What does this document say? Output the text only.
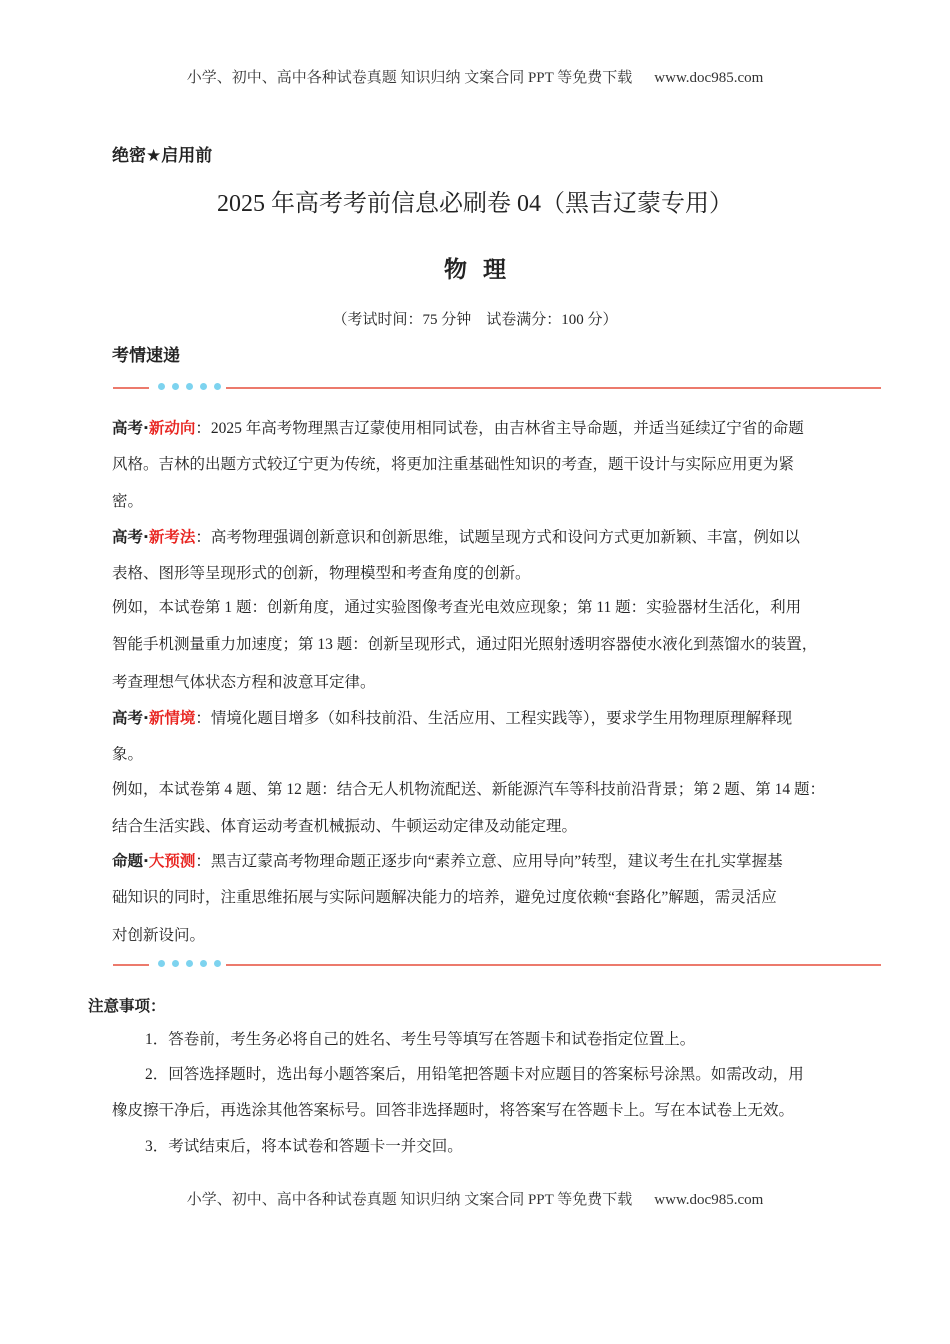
小学、初中、高中各种试卷真题 知识归纳 文案合同 PPT 等免费下载 www.doc985.com
绝密★启用前
2025 年高考考前信息必刷卷 04（黑吉辽蒙专用）
物  理
（考试时间：75 分钟    试卷满分：100 分）
考情速递
高考·新动向：2025 年高考物理黑吉辽蒙使用相同试卷，由吉林省主导命题，并适当延续辽宁省的命题
风格。吉林的出题方式较辽宁更为传统，将更加注重基础性知识的考查，题干设计与实际应用更为紧
密。
高考·新考法：高考物理强调创新意识和创新思维，试题呈现方式和设问方式更加新颖、丰富，例如以
表格、图形等呈现形式的创新，物理模型和考查角度的创新。
例如，本试卷第 1 题：创新角度，通过实验图像考查光电效应现象；第 11 题：实验器材生活化，利用
智能手机测量重力加速度；第 13 题：创新呈现形式，通过阳光照射透明容器使水液化到蒸馏水的装置，
考查理想气体状态方程和波意耳定律。
高考·新情境：情境化题目增多（如科技前沿、生活应用、工程实践等），要求学生用物理原理解释现
象。
例如，本试卷第 4 题、第 12 题：结合无人机物流配送、新能源汽车等科技前沿背景；第 2 题、第 14 题：
结合生活实践、体育运动考查机械振动、牛顿运动定律及动能定理。
命题·大预测：黑吉辽蒙高考物理命题正逐步向“素养立意、应用导向”转型，建议考生在扎实掌握基
础知识的同时，注重思维拓展与实际问题解决能力的培养，避免过度依赖“套路化”解题，需灵活应
对创新设问。
注意事项：
1．答卷前，考生务必将自己的姓名、考生号等填写在答题卡和试卷指定位置上。
2．回答选择题时，选出每小题答案后，用铅笔把答题卡对应题目的答案标号涂黑。如需改动，用
橡皮擦干净后，再选涂其他答案标号。回答非选择题时，将答案写在答题卡上。写在本试卷上无效。
3．考试结束后，将本试卷和答题卡一并交回。
小学、初中、高中各种试卷真题 知识归纳 文案合同 PPT 等免费下载 www.doc985.com
